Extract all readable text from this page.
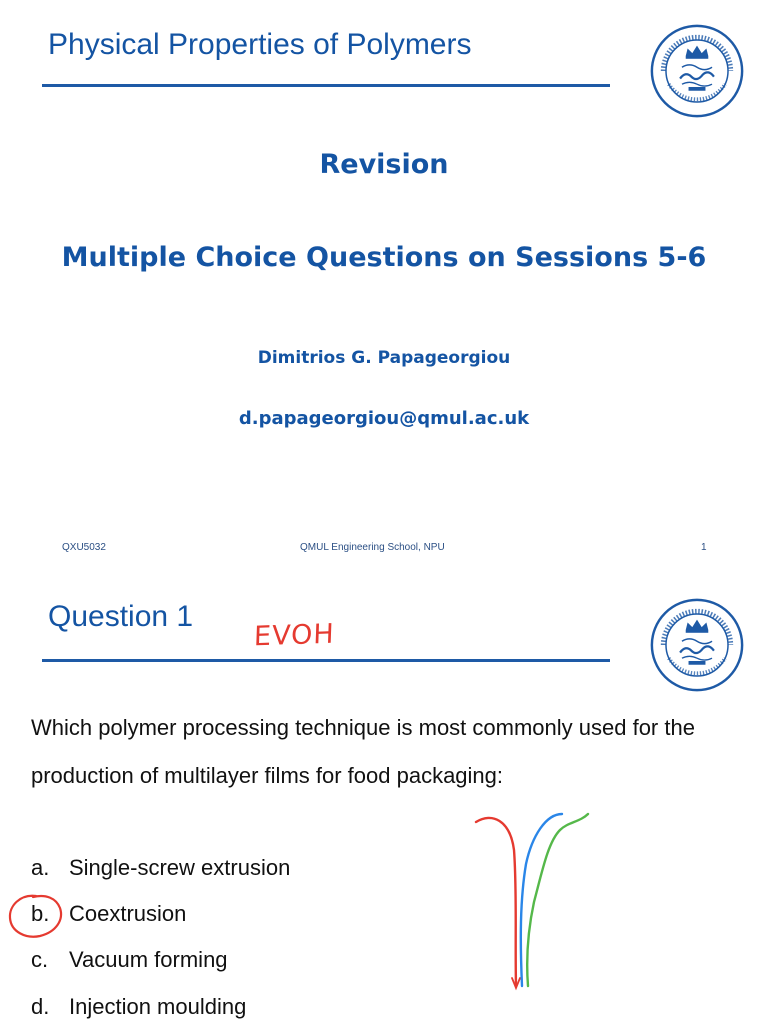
Physical Properties of Polymers
Revision
Multiple Choice Questions on Sessions 5-6

Dimitrios G. Papageorgiou

d.papageorgiou@qmul.ac.uk

QXU5032	QMUL Engineering School, NPU	1
Question 1

EVOH

Which polymer processing technique is most commonly used for the production of multilayer films for food packaging:

a. Single-screw extrusion
b. Coextrusion
c. Vacuum forming
d. Injection moulding
